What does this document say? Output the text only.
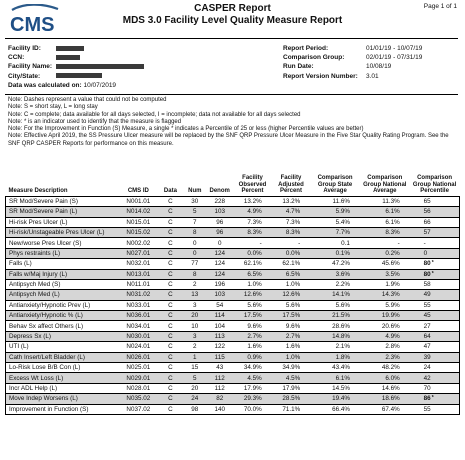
CMS
CASPER Report
MDS 3.0 Facility Level Quality Measure Report
Page 1 of 1
Facility ID:
CCN:
Facility Name:
City/State:
Data was calculated on: 10/07/2019
Report Period:	01/01/19 - 10/07/19
Comparison Group:	02/01/19 - 07/31/19
Run Date:	10/08/19
Report Version Number: 3.01
Note: Dashes represent a value that could not be computed
Note: S = short stay, L = long stay
Note: C = complete; data available for all days selected, I = incomplete; data not available for all days selected
Note: * is an indicator used to identify that the measure is flagged
Note: For the Improvement in Function (S) Measure, a single * indicates a Percentile of 25 or less (higher Percentile values are better)
Note: Effective April 2019, the SS Pressure Ulcer measure will be replaced by the SNF QRP Pressure Ulcer Measure in the Five Star Quality Rating Program. See the SNF QRP CASPER Reports for performance on this measure.
Measure Description	CMS ID	Data	Num	Denom	Facility Observed Percent	Facility Adjusted Percent	Comparison Group State Average	Comparison Group National Average	Comparison Group National Percentile
SR Mod/Severe Pain (S)	N001.01	C	30	228	13.2%	13.2%	11.6%	11.3%	65
SR Mod/Severe Pain (L)	N014.02	C	5	103	4.9%	4.7%	5.9%	6.1%	56
Hi-risk Pres Ulcer (L)	N015.01	C	7	96	7.3%	7.3%	5.4%	6.1%	66
Hi-risk/Unstageable Pres Ulcer (L)	N015.02	C	8	96	8.3%	8.3%	7.7%	8.3%	57
New/worse Pres Ulcer (S)	N002.02	C	0	0	-	-	0.1	-	-
Phys restraints (L)	N027.01	C	0	124	0.0%	0.0%	0.1%	0.2%	0
Falls (L)	N032.01	C	77	124	62.1%	62.1%	47.2%	45.6%	80*
Falls w/Maj Injury (L)	N013.01	C	8	124	6.5%	6.5%	3.6%	3.5%	80*
Antipsych Med (S)	N011.01	C	2	196	1.0%	1.0%	2.2%	1.9%	58
Antipsych Med (L)	N031.02	C	13	103	12.6%	12.6%	14.1%	14.3%	49
Antianxiety/Hypnotic Prev (L)	N033.01	C	3	54	5.6%	5.6%	5.6%	5.9%	55
Antianxiety/Hypnotic % (L)	N036.01	C	20	114	17.5%	17.5%	21.5%	19.9%	45
Behav Sx affect Others (L)	N034.01	C	10	104	9.6%	9.6%	28.6%	20.6%	27
Depress Sx (L)	N030.01	C	3	113	2.7%	2.7%	14.8%	4.9%	64
UTI (L)	N024.01	C	2	122	1.6%	1.6%	2.1%	2.8%	47
Cath Insert/Left Bladder (L)	N026.01	C	1	115	0.9%	1.0%	1.8%	2.3%	39
Lo-Risk Lose B/B Con (L)	N025.01	C	15	43	34.9%	34.9%	43.4%	48.2%	24
Excess Wt Loss (L)	N029.01	C	5	112	4.5%	4.5%	6.1%	6.0%	42
Incr ADL Help (L)	N028.01	C	20	112	17.9%	17.9%	14.5%	14.6%	70
Move Indep Worsens (L)	N035.02	C	24	82	29.3%	28.5%	19.4%	18.6%	86*
Improvement in Function (S)	N037.02	C	98	140	70.0%	71.1%	66.4%	67.4%	55
